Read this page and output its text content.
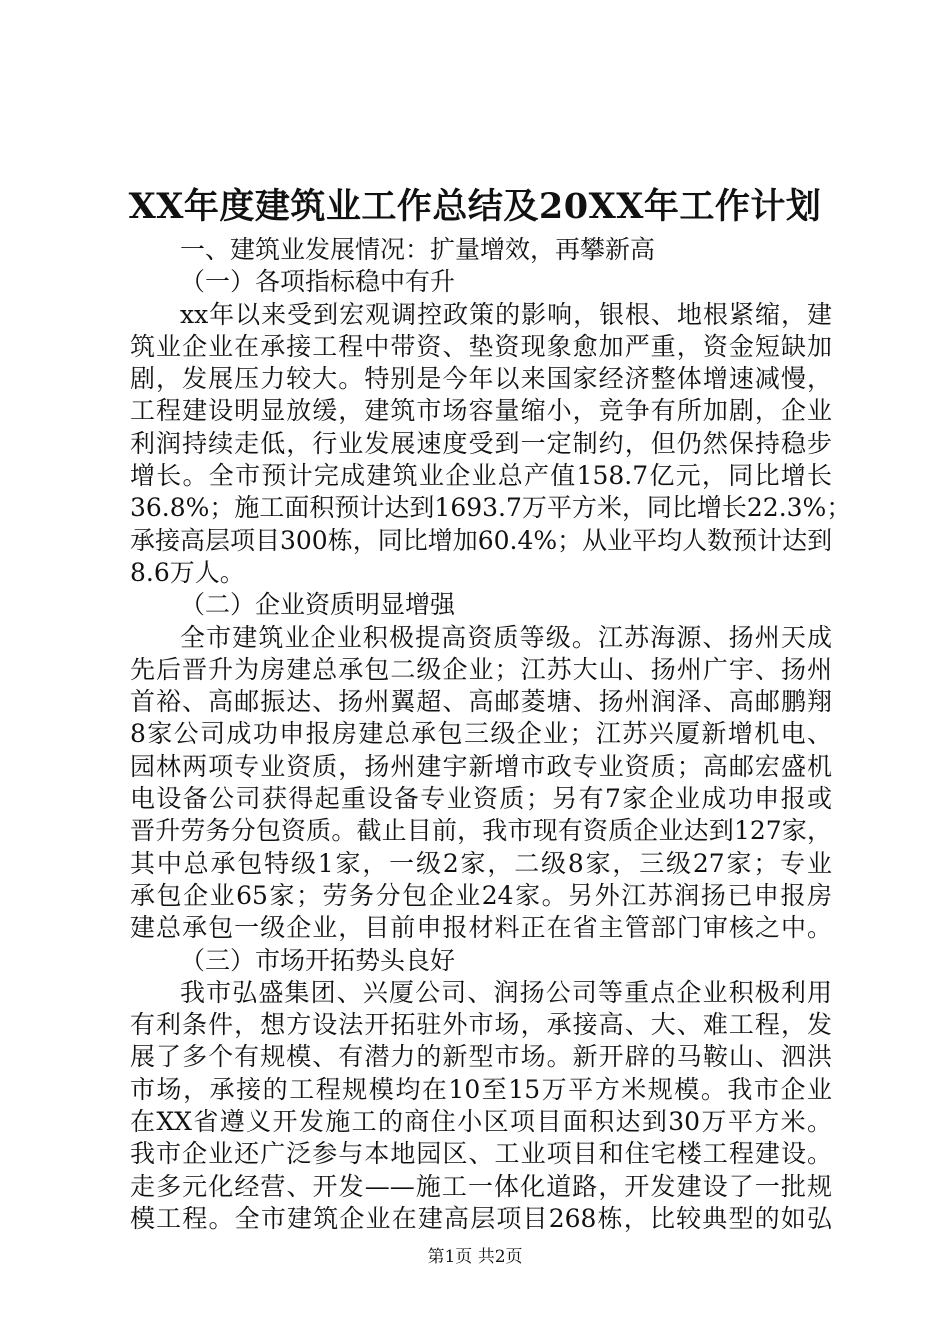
XX年度建筑业工作总结及20XX年工作计划
一、建筑业发展情况：扩量增效，再攀新高
（一）各项指标稳中有升
xx年以来受到宏观调控政策的影响，银根、地根紧缩，建
筑业企业在承接工程中带资、垫资现象愈加严重，资金短缺加
剧，发展压力较大。特别是今年以来国家经济整体增速减慢，
工程建设明显放缓，建筑市场容量缩小，竞争有所加剧，企业
利润持续走低，行业发展速度受到一定制约，但仍然保持稳步
增长。全市预计完成建筑业企业总产值158.7亿元，同比增长
36.8%；施工面积预计达到1693.7万平方米，同比增长22.3%；
承接高层项目300栋，同比增加60.4%；从业平均人数预计达到
8.6万人。
（二）企业资质明显增强
全市建筑业企业积极提高资质等级。江苏海源、扬州天成
先后晋升为房建总承包二级企业；江苏大山、扬州广宇、扬州
首裕、高邮振达、扬州翼超、高邮菱塘、扬州润泽、高邮鹏翔
8家公司成功申报房建总承包三级企业；江苏兴厦新增机电、
园林两项专业资质，扬州建宇新增市政专业资质；高邮宏盛机
电设备公司获得起重设备专业资质；另有7家企业成功申报或
晋升劳务分包资质。截止目前，我市现有资质企业达到127家，
其中总承包特级1家，一级2家，二级8家，三级27家；专业
承包企业65家；劳务分包企业24家。另外江苏润扬已申报房
建总承包一级企业，目前申报材料正在省主管部门审核之中。
（三）市场开拓势头良好
我市弘盛集团、兴厦公司、润扬公司等重点企业积极利用
有利条件，想方设法开拓驻外市场，承接高、大、难工程，发
展了多个有规模、有潜力的新型市场。新开辟的马鞍山、泗洪
市场，承接的工程规模均在10至15万平方米规模。我市企业
在XX省遵义开发施工的商住小区项目面积达到30万平方米。
我市企业还广泛参与本地园区、工业项目和住宅楼工程建设。
走多元化经营、开发——施工一体化道路，开发建设了一批规
模工程。全市建筑企业在建高层项目268栋，比较典型的如弘
第1页 共2页
